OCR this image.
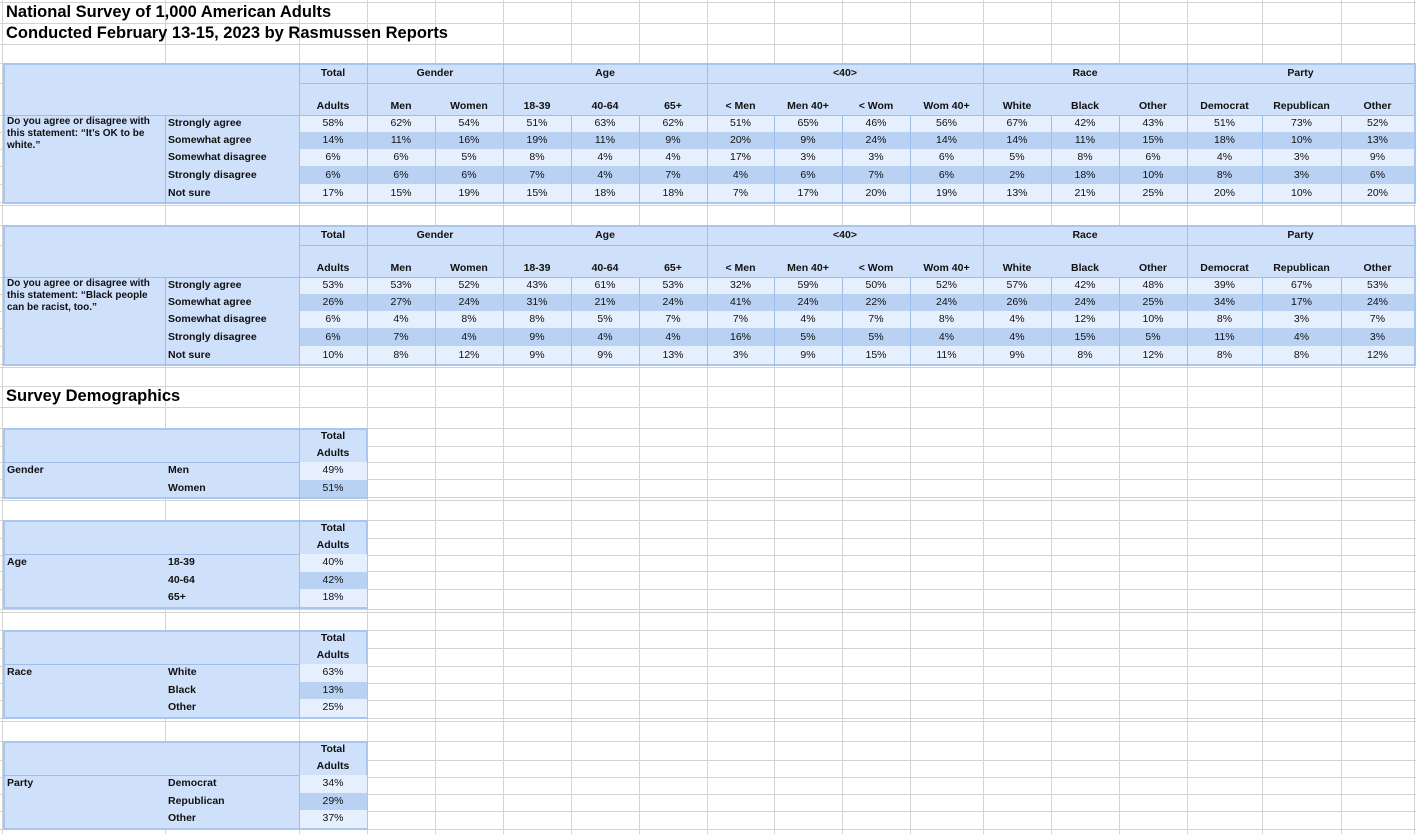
National Survey of 1,000 American Adults
Conducted February 13-15, 2023 by Rasmussen Reports
Total	Gender	Age	<40>	Race	Party
Adults	Men	Women	18-39	40-64	65+	< Men	Men 40+	< Wom	Wom 40+	White	Black	Other	Democrat	Republican	Other
Do you agree or disagree with this statement: “It’s OK to be white.”
Strongly agree	58%	62%	54%	51%	63%	62%	51%	65%	46%	56%	67%	42%	43%	51%	73%	52%
Somewhat agree	14%	11%	16%	19%	11%	9%	20%	9%	24%	14%	14%	11%	15%	18%	10%	13%
Somewhat disagree	6%	6%	5%	8%	4%	4%	17%	3%	3%	6%	5%	8%	6%	4%	3%	9%
Strongly disagree	6%	6%	6%	7%	4%	7%	4%	6%	7%	6%	2%	18%	10%	8%	3%	6%
Not sure	17%	15%	19%	15%	18%	18%	7%	17%	20%	19%	13%	21%	25%	20%	10%	20%
Total	Gender	Age	<40>	Race	Party
Adults	Men	Women	18-39	40-64	65+	< Men	Men 40+	< Wom	Wom 40+	White	Black	Other	Democrat	Republican	Other
Do you agree or disagree with this statement: “Black people can be racist, too.”
Strongly agree	53%	53%	52%	43%	61%	53%	32%	59%	50%	52%	57%	42%	48%	39%	67%	53%
Somewhat agree	26%	27%	24%	31%	21%	24%	41%	24%	22%	24%	26%	24%	25%	34%	17%	24%
Somewhat disagree	6%	4%	8%	8%	5%	7%	7%	4%	7%	8%	4%	12%	10%	8%	3%	7%
Strongly disagree	6%	7%	4%	9%	4%	4%	16%	5%	5%	4%	4%	15%	5%	11%	4%	3%
Not sure	10%	8%	12%	9%	9%	13%	3%	9%	15%	11%	9%	8%	12%	8%	8%	12%
Survey Demographics
Total
Adults
Gender	Men	49%
Women	51%
Total
Adults
Age	18-39	40%
40-64	42%
65+	18%
Total
Adults
Race	White	63%
Black	13%
Other	25%
Total
Adults
Party	Democrat	34%
Republican	29%
Other	37%
